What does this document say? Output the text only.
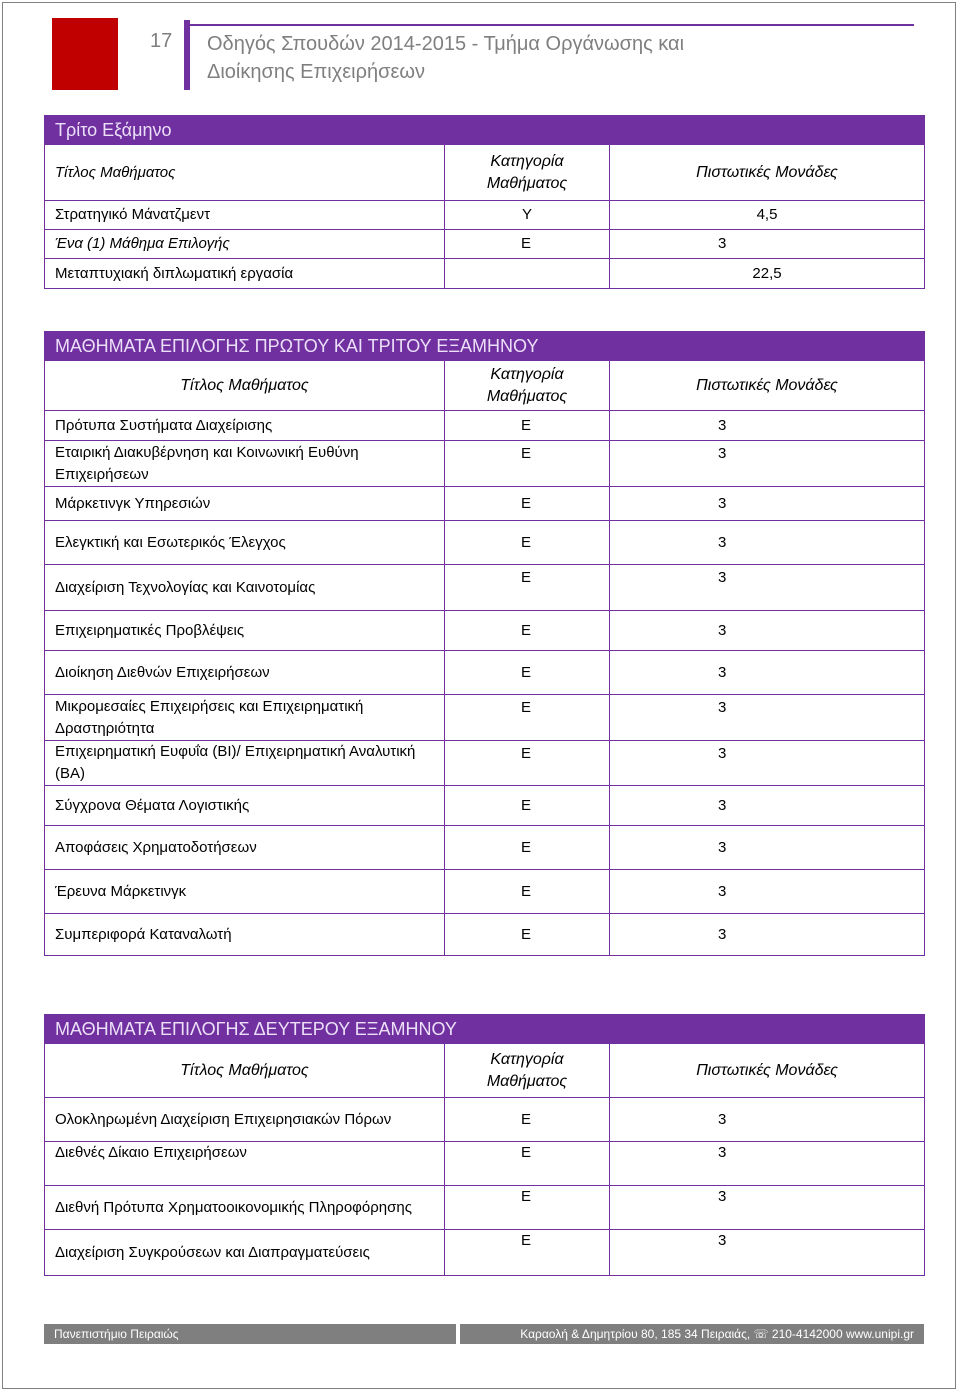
17 Οδηγός Σπουδών 2014-2015 - Τμήμα Οργάνωσης και Διοίκησης Επιχειρήσεων
Τρίτο Εξάμηνο		
Τίτλος Μαθήματος	Κατηγορία Μαθήματος	Πιστωτικές Μονάδες
Στρατηγικό Μάνατζμεντ	Υ	4,5
Ένα (1) Μάθημα Επιλογής	Ε	3
Μεταπτυχιακή διπλωματική εργασία		22,5
ΜΑΘΗΜΑΤΑ ΕΠΙΛΟΓΗΣ ΠΡΩΤΟΥ ΚΑΙ ΤΡΙΤΟΥ ΕΞΑΜΗΝΟΥ		
Τίτλος Μαθήματος	Κατηγορία Μαθήματος	Πιστωτικές Μονάδες
Πρότυπα Συστήματα Διαχείρισης	Ε	3
Εταιρική Διακυβέρνηση και Κοινωνική Ευθύνη Επιχειρήσεων	Ε	3
Μάρκετινγκ Υπηρεσιών	Ε	3
Ελεγκτική και Εσωτερικός Έλεγχος	Ε	3
Διαχείριση Τεχνολογίας και Καινοτομίας	Ε	3
Επιχειρηματικές Προβλέψεις	Ε	3
Διοίκηση Διεθνών Επιχειρήσεων	Ε	3
Μικρομεσαίες Επιχειρήσεις και Επιχειρηματική Δραστηριότητα	Ε	3
Επιχειρηματική Ευφυΐα (BI)/ Επιχειρηματική Αναλυτική (BA)	Ε	3
Σύγχρονα Θέματα Λογιστικής	Ε	3
Αποφάσεις Χρηματοδοτήσεων	Ε	3
Έρευνα Μάρκετινγκ	Ε	3
Συμπεριφορά Καταναλωτή	Ε	3
ΜΑΘΗΜΑΤΑ ΕΠΙΛΟΓΗΣ ΔΕΥΤΕΡΟΥ ΕΞΑΜΗΝΟΥ		
Τίτλος Μαθήματος	Κατηγορία Μαθήματος	Πιστωτικές Μονάδες
Ολοκληρωμένη Διαχείριση Επιχειρησιακών Πόρων	Ε	3
Διεθνές Δίκαιο Επιχειρήσεων	Ε	3
Διεθνή Πρότυπα Χρηματοοικονομικής Πληροφόρησης	Ε	3
Διαχείριση Συγκρούσεων και Διαπραγματεύσεις	Ε	3
Πανεπιστήμιο Πειραιώς	Καραολή & Δημητρίου 80, 185 34 Πειραιάς, ☏ 210-4142000 www.unipi.gr
